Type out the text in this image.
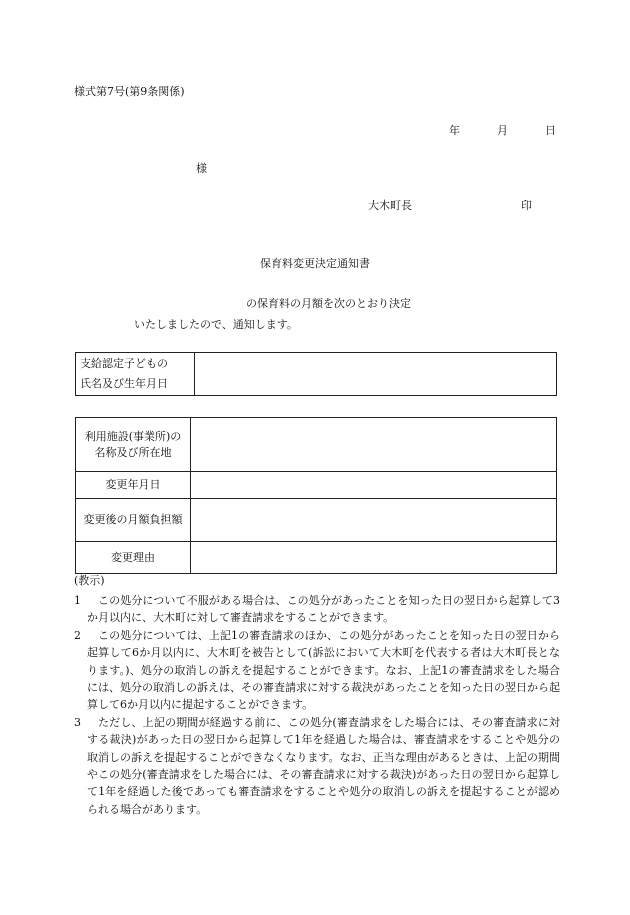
様式第7号(第9条関係)
年	月	日
様
大木町長	印
保育料変更決定通知書
の保育料の月額を次のとおり決定
いたしましたので、通知します。
支給認定子どもの
氏名及び生年月日

利用施設(事業所)の
名称及び所在地	

変更年月日	
変更後の月額負担額	
変更理由	
(教示)
1	この処分について不服がある場合は、この処分があったことを知った日の翌日から起算して3か月以内に、大木町に対して審査請求をすることができます。
2	この処分については、上記1の審査請求のほか、この処分があったことを知った日の翌日から起算して6か月以内に、大木町を被告として(訴訟において大木町を代表する者は大木町長となります。)、処分の取消しの訴えを提起することができます。なお、上記1の審査請求をした場合には、処分の取消しの訴えは、その審査請求に対する裁決があったことを知った日の翌日から起算して6か月以内に提起することができます。
3	ただし、上記の期間が経過する前に、この処分(審査請求をした場合には、その審査請求に対する裁決)があった日の翌日から起算して1年を経過した場合は、審査請求をすることや処分の取消しの訴えを提起することができなくなります。なお、正当な理由があるときは、上記の期間やこの処分(審査請求をした場合には、その審査請求に対する裁決)があった日の翌日から起算して1年を経過した後であっても審査請求をすることや処分の取消しの訴えを提起することが認められる場合があります。
